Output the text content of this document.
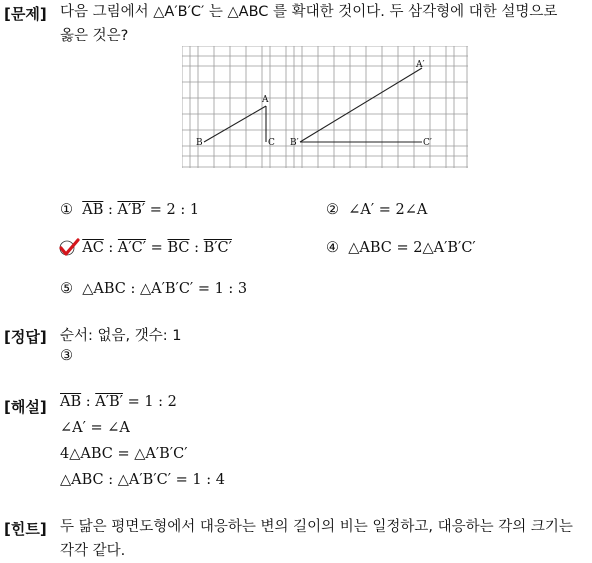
[문제] 다음 그림에서 △A′B′C′ 는 △ABC 를 확대한 것이다. 두 삼각형에 대한 설명으로
옳은 것은?
A
B	C
A′
B′	C′
① $\overline{AB}$ : A′B′ = 2 : 1	② ∠A′ = 2∠A
$\overline{AC}$ : $A'C' = \overline{BC}$ : B′C′	④ △ABC = 2△A′B′C′
⑤ △ABC : △A′B′C′ = 1 : 3
[정답] 순서: 없음, 갯수: 1
③
[해설] $\overline{AB}$ : A′B′ = 1 : 2
∠A′ = ∠A
4△ABC = △A′B′C′
△ABC : △A′B′C′ = 1 : 4
[힌트] 두 닮은 평면도형에서 대응하는 변의 길이의 비는 일정하고, 대응하는 각의 크기는
각각 같다.
